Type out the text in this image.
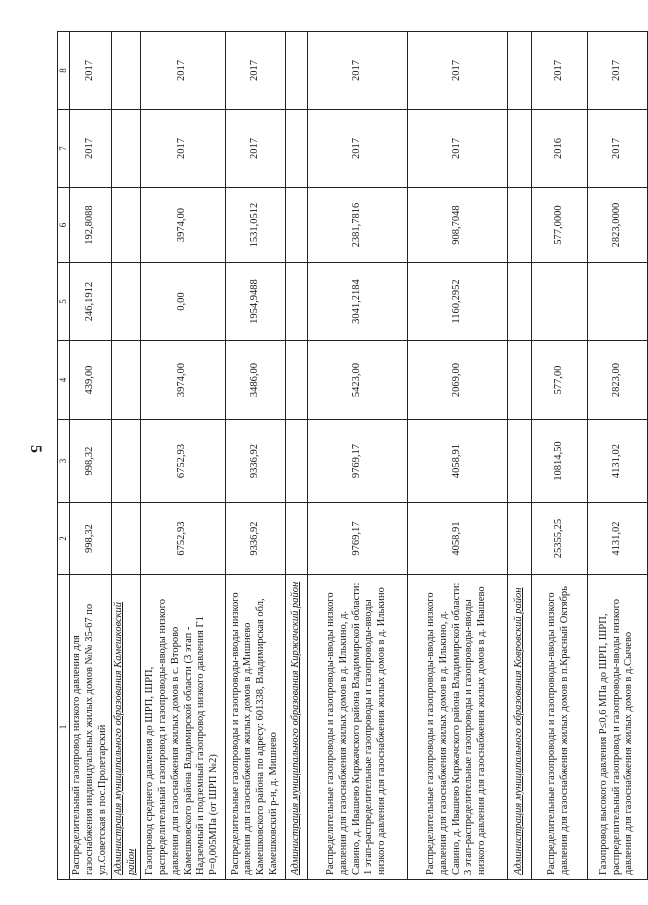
5
1	2	3	4	5	6	7	8
Распределительный газопровод низкого давления для газоснабжения индивидуальных жилых домов №№ 35-67 по ул.Советская в пос.Пролетарский	998,32	998,32	439,00	246,1912	192,8088	2017	2017
Администрация муниципального образования Камешковский район							
Газопровод среднего давления до ШРП, ШРП, распределительный газопровод и газопроводы-вводы низкого давления для газоснабжения жилых домов в с. Второво Камешковского района Владимирской области (3 этап - Надземный и подземный газопровод низкого давления Г1 Р=0,005МПа (от ШРП №2)	6752,93	6752,93	3974,00	0,00	3974,00	2017	2017
Распределительные газопроводы и газопроводы-вводы низкого давления для газоснабжения жилых домов в д.Мишнево Камешковского района по адресу: 601338, Владимирская обл, Камешковский р-н, д. Мишнево	9336,92	9336,92	3486,00	1954,9488	1531,0512	2017	2017
Администрация муниципального образования Киржачский район							
Распределительные газопроводы и газопроводы-вводы низкого давления для газоснабжения жилых домов в д. Илькино, д. Савино, д. Ивашево Киржачского района Владимирской области: 1 этап-распределительные газопроводы и газопроводы-вводы низкого давления для газоснабжения жилых домов в д. Илькино	9769,17	9769,17	5423,00	3041,2184	2381,7816	2017	2017
Распределительные газопроводы и газопроводы-вводы низкого давления для газоснабжения жилых домов в д. Илькино, д. Савино, д. Ивашево Киржачского района Владимирской области: 3 этап-распределительные газопроводы и газопроводы-вводы низкого давления для газоснабжения жилых домов в д. Ивашево	4058,91	4058,91	2069,00	1160,2952	908,7048	2017	2017
Администрация муниципального образования Ковровский район							
Распределительные газопроводы и газопроводы-вводы низкого давления для газоснабжения жилых домов в п.Красный Октябрь	25355,25	10814,50	577,00		577,0000	2016	2017
Газопровод высокого давления Р≤0,6 МПа до ШРП, ШРП, распределительный газопровод и газопроводы-вводы низкого давления для газоснабжения жилых домов в д.Сычево	4131,02	4131,02	2823,00		2823,0000	2017	2017
